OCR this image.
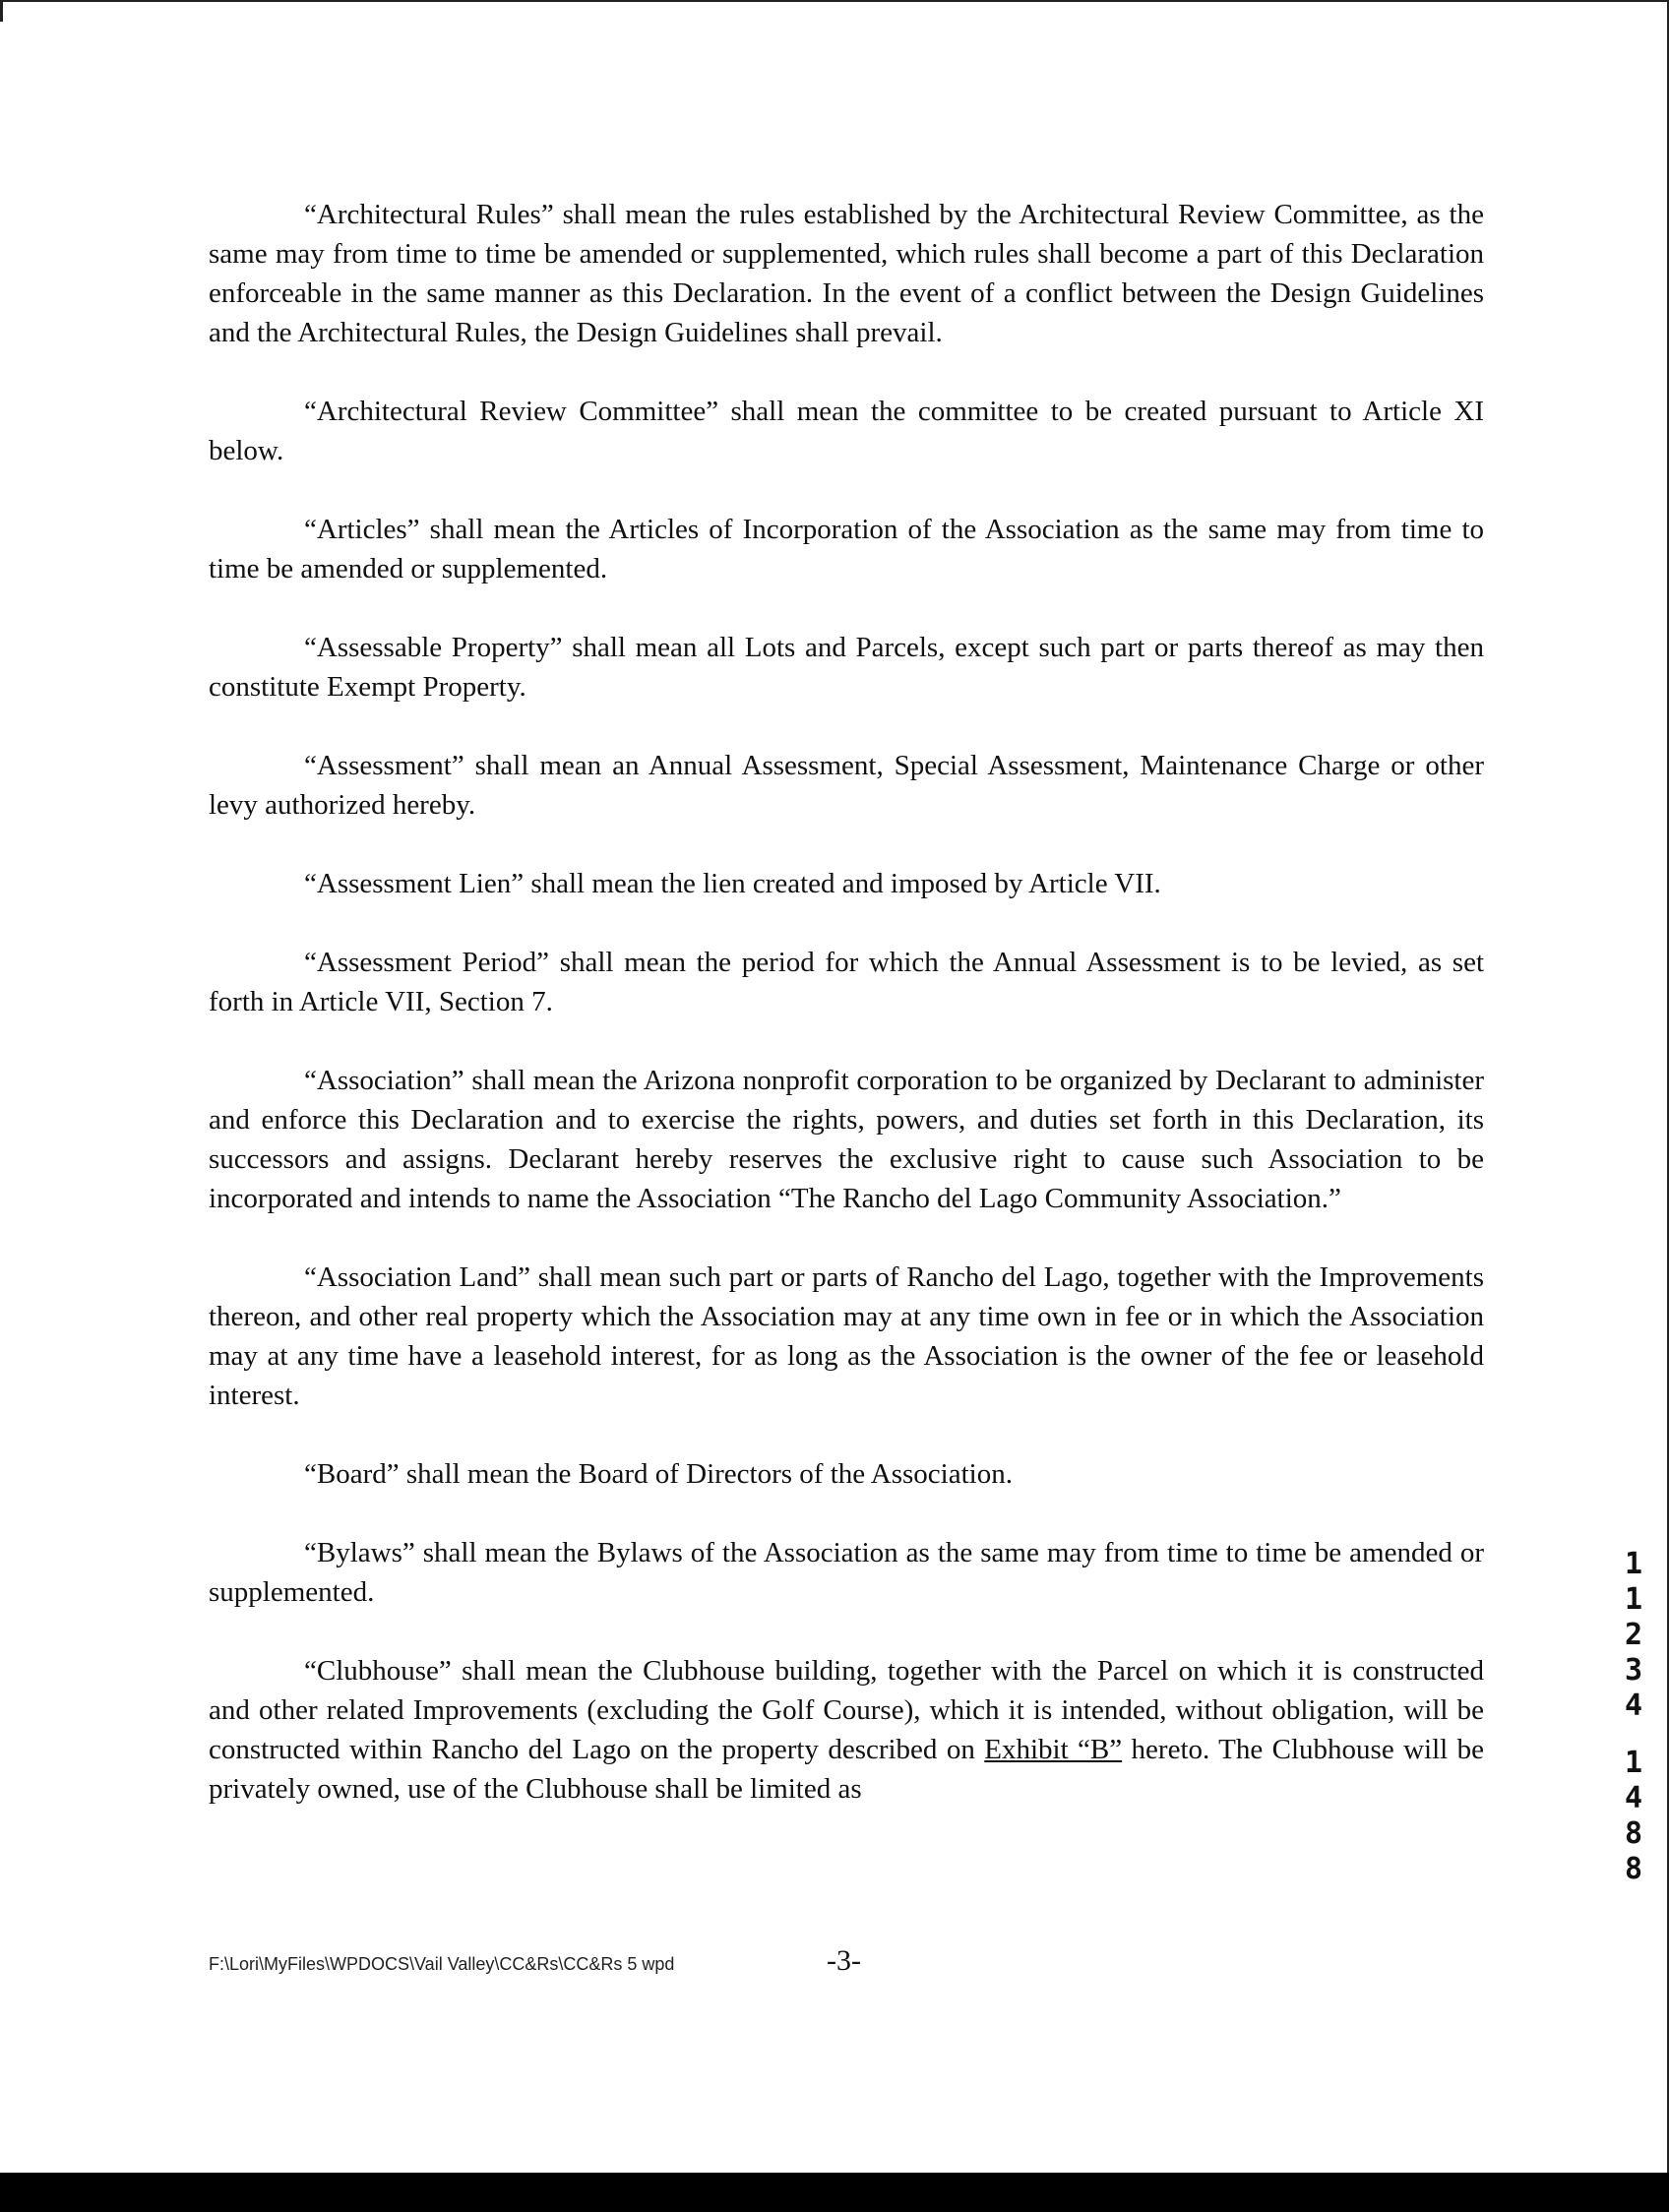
“Architectural Rules” shall mean the rules established by the Architectural Review Committee, as the same may from time to time be amended or supplemented, which rules shall become a part of this Declaration enforceable in the same manner as this Declaration. In the event of a conflict between the Design Guidelines and the Architectural Rules, the Design Guidelines shall prevail.

“Architectural Review Committee” shall mean the committee to be created pursuant to Article XI below.

“Articles” shall mean the Articles of Incorporation of the Association as the same may from time to time be amended or supplemented.

“Assessable Property” shall mean all Lots and Parcels, except such part or parts thereof as may then constitute Exempt Property.

“Assessment” shall mean an Annual Assessment, Special Assessment, Maintenance Charge or other levy authorized hereby.

“Assessment Lien” shall mean the lien created and imposed by Article VII.

“Assessment Period” shall mean the period for which the Annual Assessment is to be levied, as set forth in Article VII, Section 7.

“Association” shall mean the Arizona nonprofit corporation to be organized by Declarant to administer and enforce this Declaration and to exercise the rights, powers, and duties set forth in this Declaration, its successors and assigns. Declarant hereby reserves the exclusive right to cause such Association to be incorporated and intends to name the Association “The Rancho del Lago Community Association.”

“Association Land” shall mean such part or parts of Rancho del Lago, together with the Improvements thereon, and other real property which the Association may at any time own in fee or in which the Association may at any time have a leasehold interest, for as long as the Association is the owner of the fee or leasehold interest.

“Board” shall mean the Board of Directors of the Association.

“Bylaws” shall mean the Bylaws of the Association as the same may from time to time be amended or supplemented.

“Clubhouse” shall mean the Clubhouse building, together with the Parcel on which it is constructed and other related Improvements (excluding the Golf Course), which it is intended, without obligation, will be constructed within Rancho del Lago on the property described on Exhibit “B” hereto. The Clubhouse will be privately owned, use of the Clubhouse shall be limited as

F:\Lori\MyFiles\WPDOCS\Vail Valley\CC&Rs\CC&Rs 5 wpd	-3-
1
1
2
3
4
1
4
8
8
